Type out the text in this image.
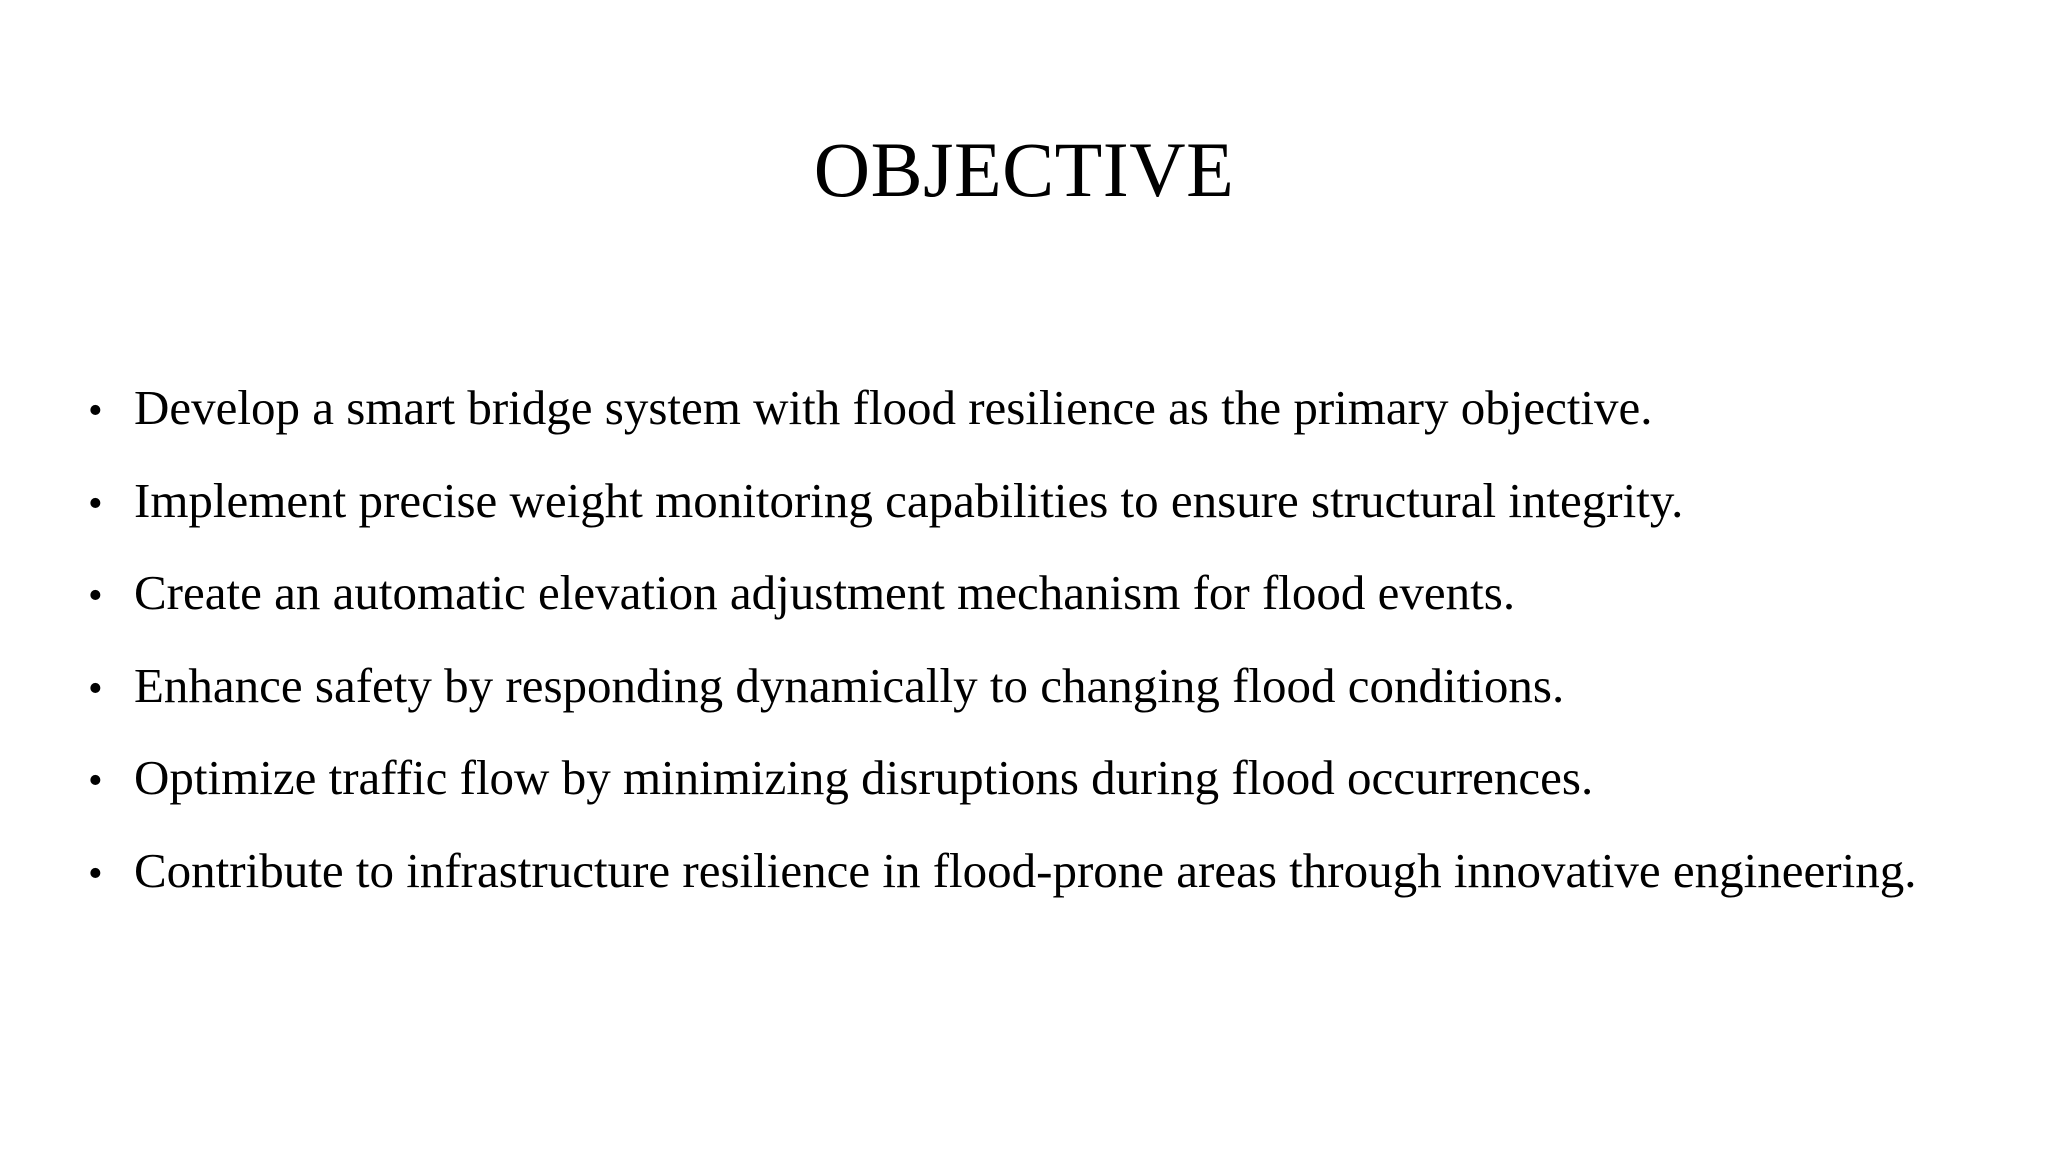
OBJECTIVE
• Develop a smart bridge system with flood resilience as the primary objective.
• Implement precise weight monitoring capabilities to ensure structural integrity.
• Create an automatic elevation adjustment mechanism for flood events.
• Enhance safety by responding dynamically to changing flood conditions.
• Optimize traffic flow by minimizing disruptions during flood occurrences.
• Contribute to infrastructure resilience in flood-prone areas through innovative engineering.
